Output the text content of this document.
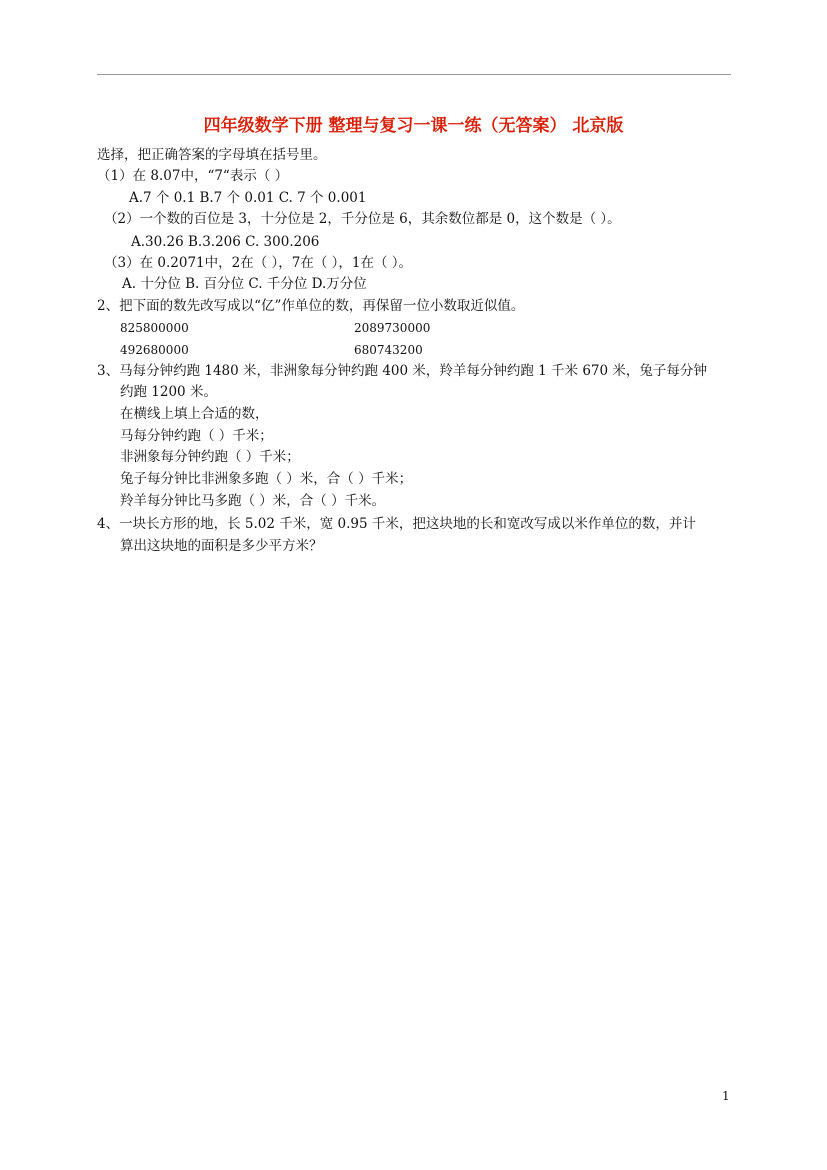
四年级数学下册 整理与复习一课一练（无答案） 北京版
选择，把正确答案的字母填在括号里。
（1）在 8.07中，“7“表示（ ）
A.7 个 0.1 B.7 个 0.01 C. 7 个 0.001
（2）一个数的百位是 3，十分位是 2，千分位是 6，其余数位都是 0，这个数是（ ）。
A.30.26 B.3.206 C. 300.206
（3）在 0.2071中，2在（ ），7在（ ），1在（ ）。
A. 十分位 B. 百分位 C. 千分位 D.万分位
2、把下面的数先改写成以“亿”作单位的数，再保留一位小数取近似值。
825800000	2089730000
492680000	680743200
3、马每分钟约跑 1480 米，非洲象每分钟约跑 400 米，羚羊每分钟约跑 1 千米 670 米，兔子每分钟
约跑 1200 米。
在横线上填上合适的数，
马每分钟约跑（ ）千米；
非洲象每分钟约跑（ ）千米；
兔子每分钟比非洲象多跑（ ）米，合（ ）千米；
羚羊每分钟比马多跑（ ）米，合（ ）千米。
4、一块长方形的地，长 5.02 千米，宽 0.95 千米，把这块地的长和宽改写成以米作单位的数，并计
算出这块地的面积是多少平方米？
1
